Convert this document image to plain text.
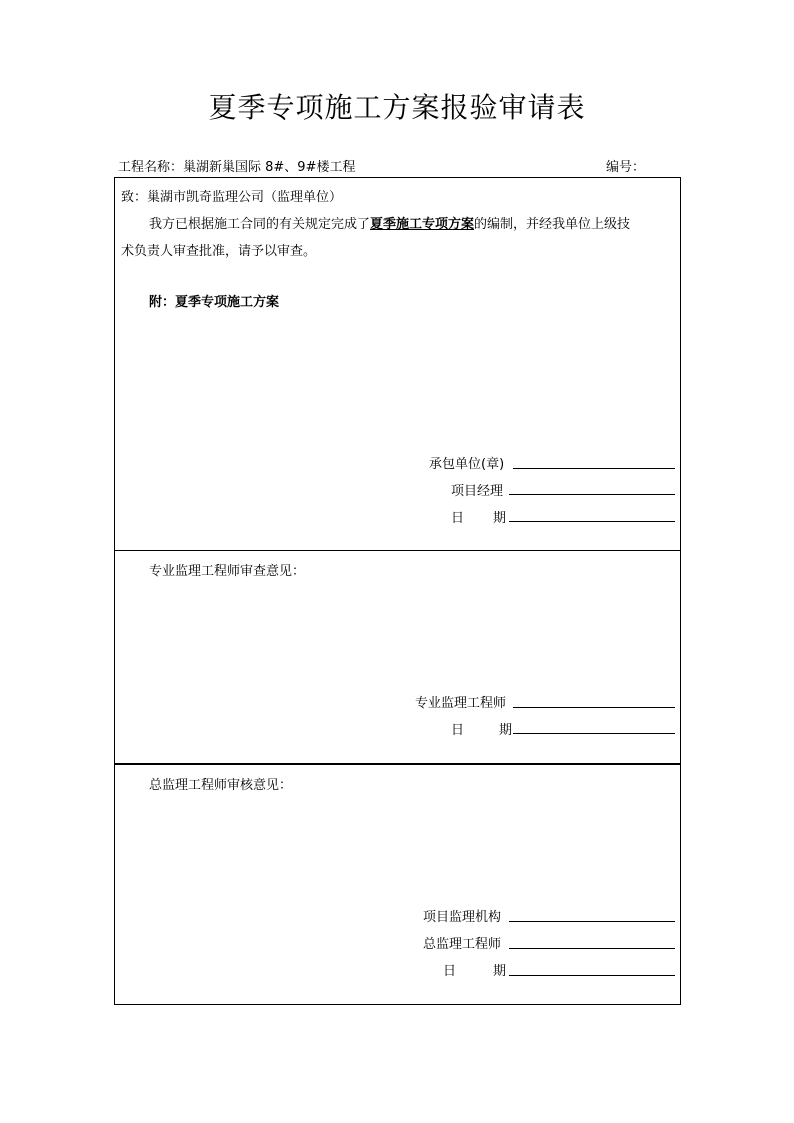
夏季专项施工方案报验审请表
工程名称：巢湖新巢国际 8#、9#楼工程	编号：
致：巢湖市凯奇监理公司（监理单位）
我方已根据施工合同的有关规定完成了夏季施工专项方案的编制，并经我单位上级技
术负责人审查批准，请予以审查。
附：夏季专项施工方案
承包单位(章)
项目经理
日 期
专业监理工程师审查意见：
专业监理工程师
日	期
总监理工程师审核意见：
项目监理机构
总监理工程师
日	期
